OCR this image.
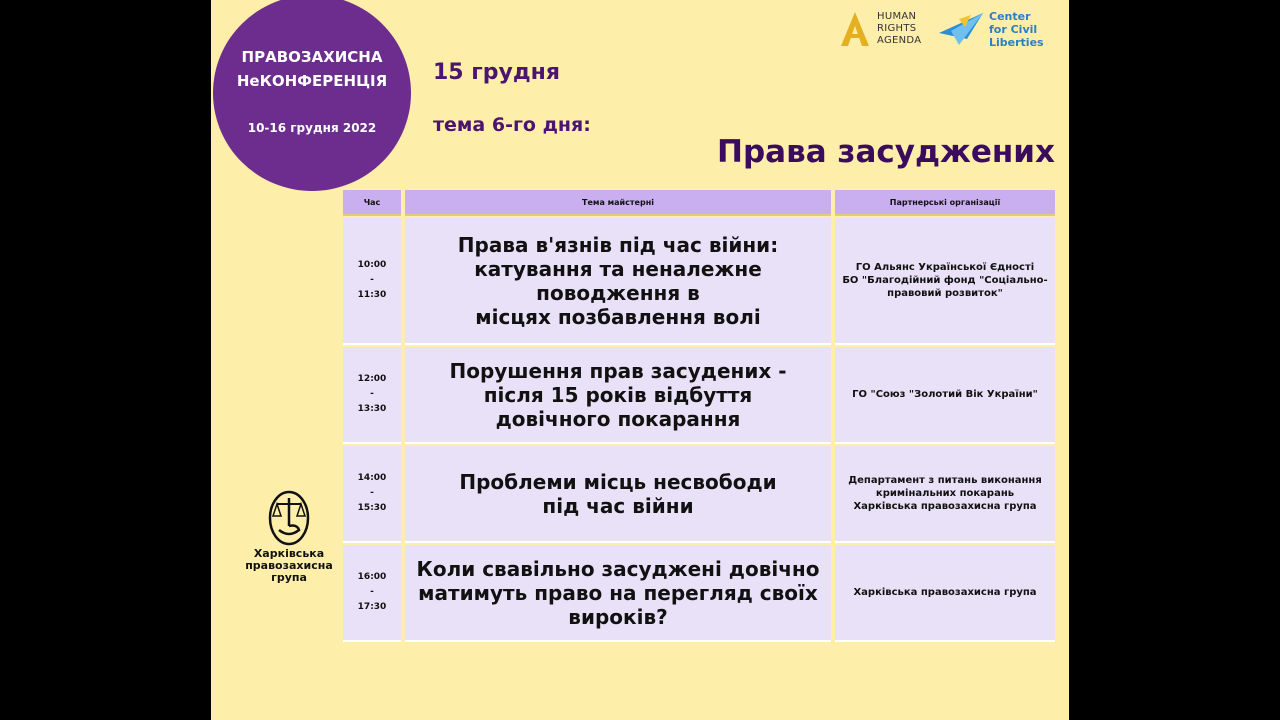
ПРАВОЗАХИСНА
НеКОНФЕРЕНЦІЯ
10-16 грудня 2022
15 грудня
тема 6-го дня:
Права засуджених
HUMAN
RIGHTS
AGENDA
Center
for Civil
Liberties
Харківська
правозахисна
група
Час	Тема майстерні	Партнерські організації
10:00
-
11:30
Права в'язнів під час війни:
катування та неналежне
поводження в
місцях позбавлення волі
ГО Альянс Української Єдності
БО "Благодійний фонд "Соціально-правовий розвиток"
12:00
-
13:30
Порушення прав засудених -
після 15 років відбуття
довічного покарання
ГО "Союз "Золотий Вік України"
14:00
-
15:30
Проблеми місць несвободи
під час війни
Департамент з питань виконання кримінальних покарань
Харківська правозахисна група
16:00
-
17:30
Коли свавільно засуджені довічно
матимуть право на перегляд своїх
вироків?
Харківська правозахисна група
